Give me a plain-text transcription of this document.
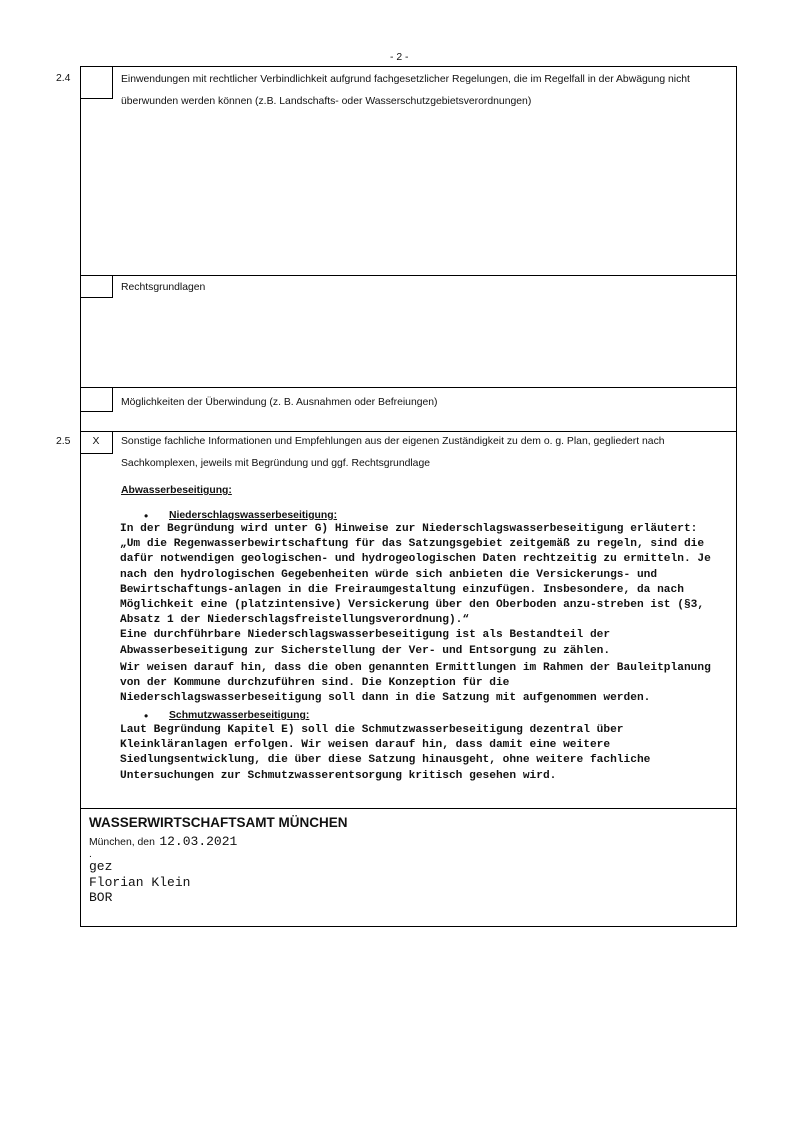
- 2 -
X
2.4	Einwendungen mit rechtlicher Verbindlichkeit aufgrund fachgesetzlicher Regelungen, die im Regelfall in der Abwägung nicht
überwunden werden können (z.B. Landschafts- oder Wasserschutzgebietsverordnungen)
Rechtsgrundlagen
Möglichkeiten der Überwindung (z. B. Ausnahmen oder Befreiungen)
2.5	Sonstige fachliche Informationen und Empfehlungen aus der eigenen Zuständigkeit zu dem o. g. Plan, gegliedert nach
Sachkomplexen, jeweils mit Begründung und ggf. Rechtsgrundlage
Abwasserbeseitigung:
• Niederschlagswasserbeseitigung:

In der Begründung wird unter G) Hinweise zur Niederschlagswasserbeseitigung erläutert:
„Um die Regenwasserbewirtschaftung für das Satzungsgebiet zeitgemäß zu regeln, sind die
dafür notwendigen geologischen- und hydrogeologischen Daten rechtzeitig zu ermitteln. Je
nach den hydrologischen Gegebenheiten würde sich anbieten die Versickerungs- und
Bewirtschaftungs-anlagen in die Freiraumgestaltung einzufügen. Insbesondere, da nach
Möglichkeit eine (platzintensive) Versickerung über den Oberboden anzu-streben ist (§3,
Absatz 1 der Niederschlagsfreistellungsverordnung).“

Eine durchführbare Niederschlagswasserbeseitigung ist als Bestandteil der
Abwasserbeseitigung zur Sicherstellung der Ver- und Entsorgung zu zählen.

Wir weisen darauf hin, dass die oben genannten Ermittlungen im Rahmen der Bauleitplanung
von der Kommune durchzuführen sind. Die Konzeption für die
Niederschlagswasserbeseitigung soll dann in die Satzung mit aufgenommen werden.

• Schmutzwasserbeseitigung:

Laut Begründung Kapitel E) soll die Schmutzwasserbeseitigung dezentral über
Kleinkläranlagen erfolgen. Wir weisen darauf hin, dass damit eine weitere
Siedlungsentwicklung, die über diese Satzung hinausgeht, ohne weitere fachliche
Untersuchungen zur Schmutzwasserentsorgung kritisch gesehen wird.

WASSERWIRTSCHAFTSAMT MÜNCHEN
München, den 12.03.2021
.
gez
Florian Klein
BOR
